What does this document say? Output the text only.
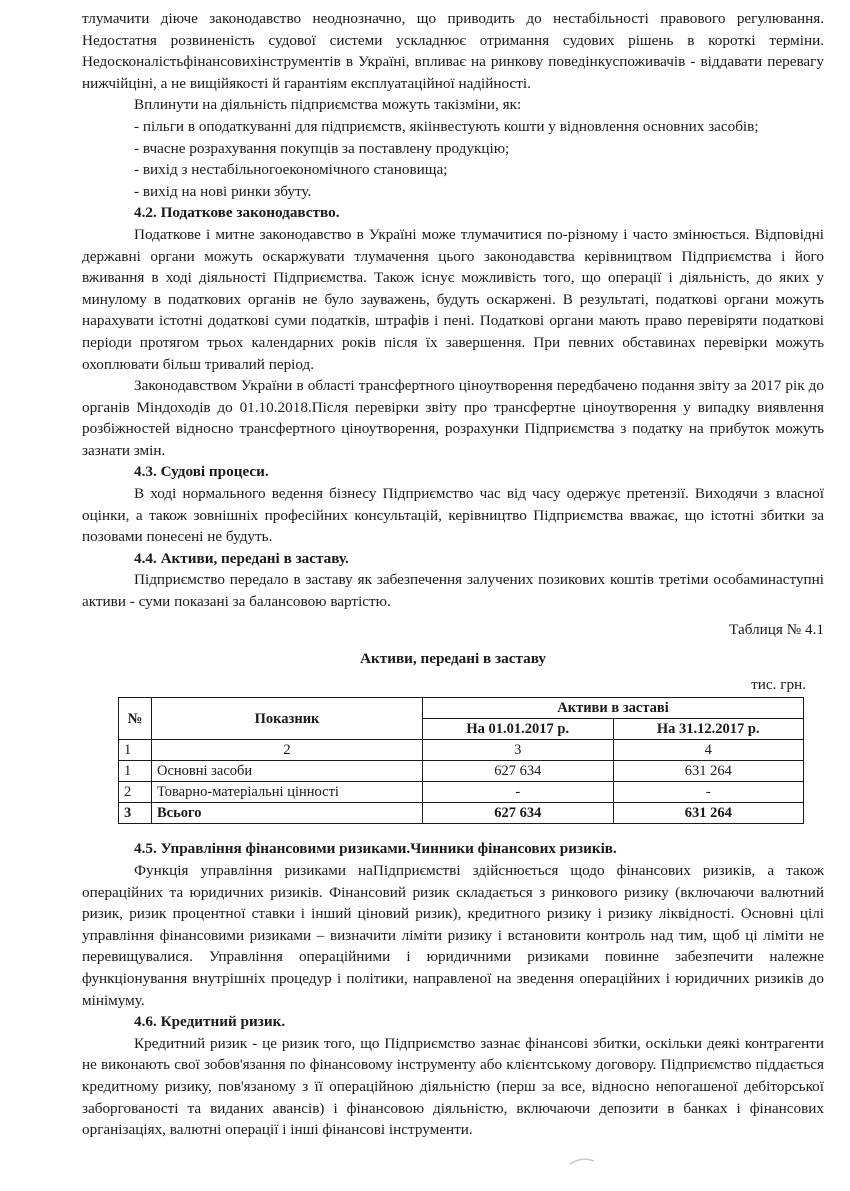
тлумачити діюче законодавство неоднозначно, що приводить до нестабільності правового регулювання. Недостатня розвиненість судової системи ускладнює отримання судових рішень в короткі терміни. Недосконалістьфінансовихінструментів в Україні, впливає на ринкову поведінкуспоживачів - віддавати перевагу нижчійціні, а не вищійякості й гарантіям експлуатаційної надійності.

Вплинути на діяльність підприємства можуть такізміни, як:

- пільги в оподаткуванні для підприємств, якіінвестують кошти у відновлення основних засобів;

- вчасне розрахування покупців за поставлену продукцію;

- вихід з нестабільногоекономічного становища;

- вихід на нові ринки збуту.

4.2. Податкове законодавство.

Податкове і митне законодавство в Україні може тлумачитися по-різному і часто змінюється. Відповідні державні органи можуть оскаржувати тлумачення цього законодавства керівництвом Підприємства і його вживання в ході діяльності Підприємства. Також існує можливість того, що операції і діяльність, до яких у минулому в податкових органів не було зауважень, будуть оскаржені. В результаті, податкові органи можуть нарахувати істотні додаткові суми податків, штрафів і пені. Податкові органи мають право перевіряти податкові періоди протягом трьох календарних років після їх завершення. При певних обставинах перевірки можуть охоплювати більш тривалий період.

Законодавством України в області трансфертного ціноутворення передбачено подання звіту за 2017 рік до органів Міндоходів до 01.10.2018.Після перевірки звіту про трансфертне ціноутворення у випадку виявлення розбіжностей відносно трансфертного ціноутворення, розрахунки Підприємства з податку на прибуток можуть зазнати змін.

4.3. Судові процеси.

В ході нормального ведення бізнесу Підприємство час від часу одержує претензії. Виходячи з власної оцінки, а також зовнішніх професійних консультацій, керівництво Підприємства вважає, що істотні збитки за позовами понесені не будуть.

4.4. Активи, передані в заставу.

Підприємство передало в заставу як забезпечення залучених позикових коштів третіми особаминаступні активи - суми показані за балансовою вартістю.

Таблиця № 4.1

Активи, передані в заставу

тис. грн.

№	Показник	Активи в заставі	
		На 01.01.2017 р.	На 31.12.2017 р.
1	2	3	4
1	Основні засоби	627 634	631 264
2	Товарно-матеріальні цінності	-	-
3	Всього	627 634	631 264

4.5. Управління фінансовими ризиками.Чинники фінансових ризиків.

Функція управління ризиками наПідприємстві здійснюється щодо фінансових ризиків, а також операційних та юридичних ризиків. Фінансовий ризик складається з ринкового ризику (включаючи валютний ризик, ризик процентної ставки і інший ціновий ризик), кредитного ризику і ризику ліквідності. Основні цілі управління фінансовими ризиками – визначити ліміти ризику і встановити контроль над тим, щоб ці ліміти не перевищувалися. Управління операційними і юридичними ризиками повинне забезпечити належне функціонування внутрішніх процедур і політики, направленої на зведення операційних і юридичних ризиків до мінімуму.

4.6. Кредитний ризик.

Кредитний ризик - це ризик того, що Підприємство зазнає фінансові збитки, оскільки деякі контрагенти не виконають свої зобов'язання по фінансовому інструменту або клієнтському договору. Підприємство піддається кредитному ризику, пов'язаному з її операційною діяльністю (перш за все, відносно непогашеної дебіторської заборгованості та виданих авансів) і фінансовою діяльністю, включаючи депозити в банках і фінансових організаціях, валютні операції і інші фінансові інструменти.
